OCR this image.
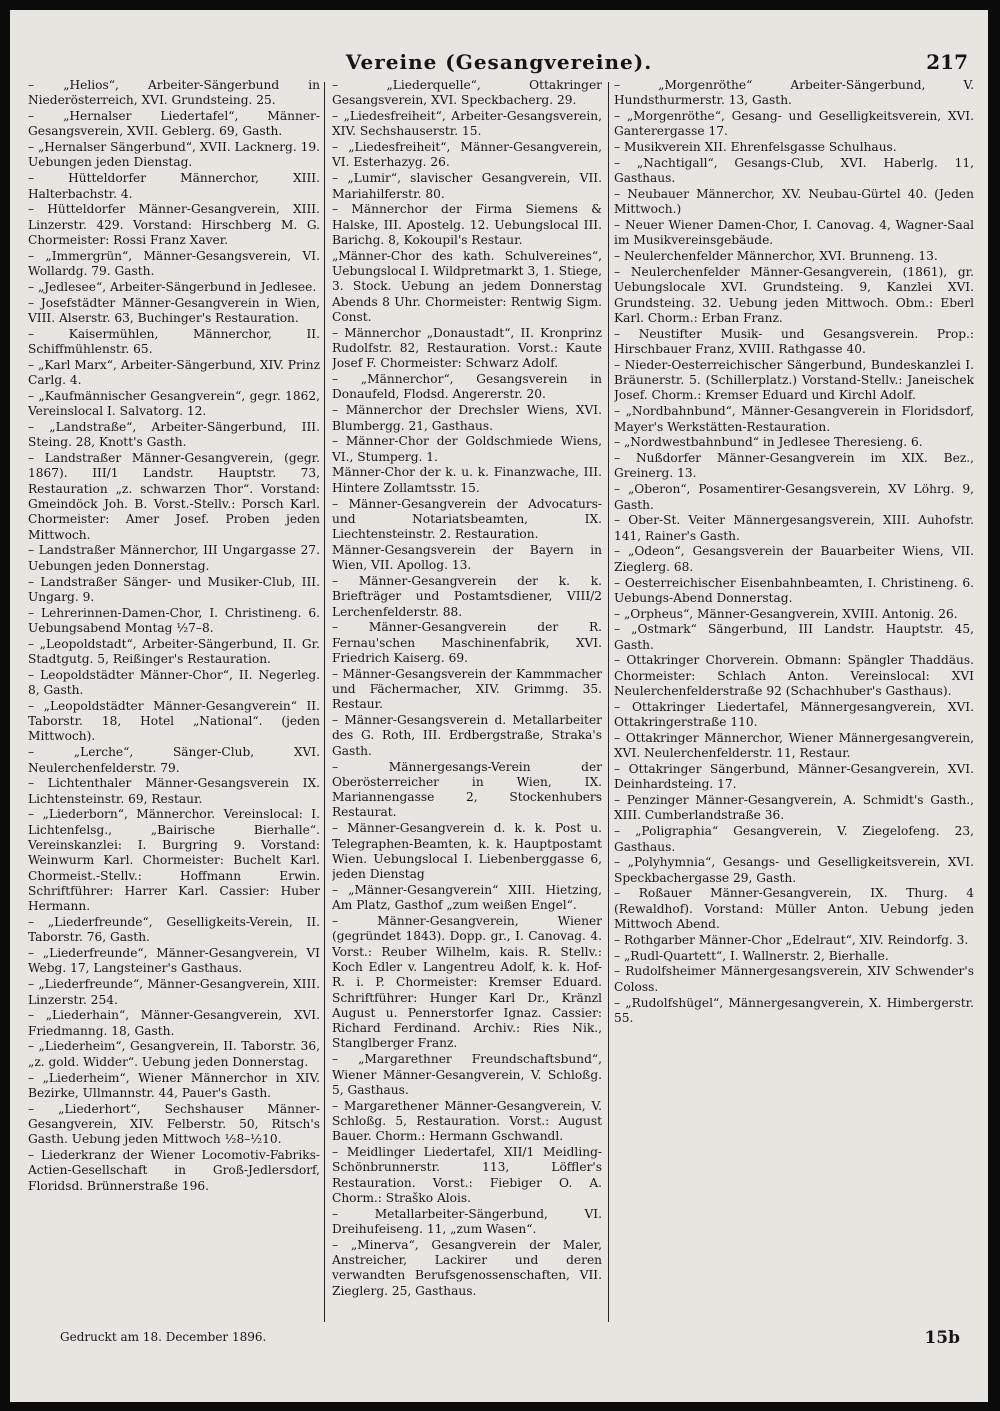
Vereine (Gesangvereine).	217

– „Helios“, Arbeiter-Sängerbund in Niederösterreich, XVI. Grundsteing. 25.

– „Hernalser Liedertafel“, Männer-Gesangsverein, XVII. Geblerg. 69, Gasth.

– „Hernalser Sängerbund“, XVII. Lacknerg. 19. Uebungen jeden Dienstag.

– Hütteldorfer Männerchor, XIII. Halterbachstr. 4.

– Hütteldorfer Männer-Gesangverein, XIII. Linzerstr. 429. Vorstand: Hirschberg M. G. Chormeister: Rossi Franz Xaver.

– „Immergrün“, Männer-Gesangsverein, VI. Wollardg. 79. Gasth.

– „Jedlesee“, Arbeiter-Sängerbund in Jedlesee.

– Josefstädter Männer-Gesangverein in Wien, VIII. Alserstr. 63, Buchinger's Restauration.

– Kaisermühlen, Männerchor, II. Schiffmühlenstr. 65.

– „Karl Marx“, Arbeiter-Sängerbund, XIV. Prinz Carlg. 4.

– „Kaufmännischer Gesangverein“, gegr. 1862, Vereinslocal I. Salvatorg. 12.

– „Landstraße“, Arbeiter-Sängerbund, III. Steing. 28, Knott's Gasth.

– Landstraßer Männer-Gesangverein, (gegr. 1867). III/1 Landstr. Hauptstr. 73, Restauration „z. schwarzen Thor“. Vorstand: Gmeindöck Joh. B. Vorst.-Stellv.: Porsch Karl. Chormeister: Amer Josef. Proben jeden Mittwoch.

– Landstraßer Männerchor, III Ungargasse 27. Uebungen jeden Donnerstag.

– Landstraßer Sänger- und Musiker-Club, III. Ungarg. 9.

– Lehrerinnen-Damen-Chor, I. Christineng. 6. Uebungsabend Montag ½7–8.

– „Leopoldstadt“, Arbeiter-Sängerbund, II. Gr. Stadtgutg. 5, Reißinger's Restauration.

– Leopoldstädter Männer-Chor“, II. Negerleg. 8, Gasth.

– „Leopoldstädter Männer-Gesangverein“ II. Taborstr. 18, Hotel „National“. (jeden Mittwoch).

– „Lerche“, Sänger-Club, XVI. Neulerchenfelderstr. 79.

– Lichtenthaler Männer-Gesangsverein IX. Lichtensteinstr. 69, Restaur.

– „Liederborn“, Männerchor. Vereinslocal: I. Lichtenfelsg., „Bairische Bierhalle“. Vereinskanzlei: I. Burgring 9. Vorstand: Weinwurm Karl. Chormeister: Buchelt Karl. Chormeist.-Stellv.: Hoffmann Erwin. Schriftführer: Harrer Karl. Cassier: Huber Hermann.

– „Liederfreunde“, Geselligkeits-Verein, II. Taborstr. 76, Gasth.

– „Liederfreunde“, Männer-Gesangverein, VI Webg. 17, Langsteiner's Gasthaus.

– „Liederfreunde“, Männer-Gesangverein, XIII. Linzerstr. 254.

– „Liederhain“, Männer-Gesangverein, XVI. Friedmanng. 18, Gasth.

– „Liederheim“, Gesangverein, II. Taborstr. 36, „z. gold. Widder“. Uebung jeden Donnerstag.

– „Liederheim“, Wiener Männerchor in XIV. Bezirke, Ullmannstr. 44, Pauer's Gasth.

– „Liederhort“, Sechshauser Männer-Gesangverein, XIV. Felberstr. 50, Ritsch's Gasth. Uebung jeden Mittwoch ½8–½10.

– Liederkranz der Wiener Locomotiv-Fabriks-Actien-Gesellschaft in Groß-Jedlersdorf, Floridsd. Brünnerstraße 196.

– „Liederquelle“, Ottakringer Gesangsverein, XVI. Speckbacherg. 29.

– „Liedesfreiheit“, Arbeiter-Gesangsverein, XIV. Sechshauserstr. 15.

– „Liedesfreiheit“, Männer-Gesangverein, VI. Esterhazyg. 26.

– „Lumir“, slavischer Gesangverein, VII. Mariahilferstr. 80.

– Männerchor der Firma Siemens & Halske, III. Apostelg. 12. Uebungslocal III. Barichg. 8, Kokoupil's Restaur.

„Männer-Chor des kath. Schulvereines“, Uebungslocal I. Wildpretmarkt 3, 1. Stiege, 3. Stock. Uebung an jedem Donnerstag Abends 8 Uhr. Chormeister: Rentwig Sigm. Const.

– Männerchor „Donaustadt“, II. Kronprinz Rudolfstr. 82, Restauration. Vorst.: Kaute Josef F. Chormeister: Schwarz Adolf.

– „Männerchor“, Gesangsverein in Donaufeld, Flodsd. Angererstr. 20.

– Männerchor der Drechsler Wiens, XVI. Blumbergg. 21, Gasthaus.

– Männer-Chor der Goldschmiede Wiens, VI., Stumperg. 1.

Männer-Chor der k. u. k. Finanzwache, III. Hintere Zollamtsstr. 15.

– Männer-Gesangverein der Advocaturs- und Notariatsbeamten, IX. Liechtensteinstr. 2. Restauration.

Männer-Gesangsverein der Bayern in Wien, VII. Apollog. 13.

– Männer-Gesangverein der k. k. Briefträger und Postamtsdiener, VIII/2 Lerchenfelderstr. 88.

– Männer-Gesangverein der R. Fernau'schen Maschinenfabrik, XVI. Friedrich Kaiserg. 69.

– Männer-Gesangsverein der Kammmacher und Fächermacher, XIV. Grimmg. 35. Restaur.

– Männer-Gesangsverein d. Metallarbeiter des G. Roth, III. Erdbergstraße, Straka's Gasth.

– Männergesangs-Verein der Oberösterreicher in Wien, IX. Mariannengasse 2, Stockenhubers Restaurat.

– Männer-Gesangverein d. k. k. Post u. Telegraphen-Beamten, k. k. Hauptpostamt Wien. Uebungslocal I. Liebenberggasse 6, jeden Dienstag

– „Männer-Gesangverein“ XIII. Hietzing, Am Platz, Gasthof „zum weißen Engel“.

– Männer-Gesangverein, Wiener (gegründet 1843). Dopp. gr., I. Canovag. 4. Vorst.: Reuber Wilhelm, kais. R. Stellv.: Koch Edler v. Langentreu Adolf, k. k. Hof-R. i. P. Chormeister: Kremser Eduard. Schriftführer: Hunger Karl Dr., Kränzl August u. Pennerstorfer Ignaz. Cassier: Richard Ferdinand. Archiv.: Ries Nik., Stanglberger Franz.

– „Margarethner Freundschaftsbund“, Wiener Männer-Gesangverein, V. Schloßg. 5, Gasthaus.

– Margarethener Männer-Gesangverein, V. Schloßg. 5, Restauration. Vorst.: August Bauer. Chorm.: Hermann Gschwandl.

– Meidlinger Liedertafel, XII/1 Meidling-Schönbrunnerstr. 113, Löffler's Restauration. Vorst.: Fiebiger O. A. Chorm.: Straško Alois.

– Metallarbeiter-Sängerbund, VI. Dreihufeiseng. 11, „zum Wasen“.

– „Minerva“, Gesangverein der Maler, Anstreicher, Lackirer und deren verwandten Berufsgenossenschaften, VII. Zieglerg. 25, Gasthaus.

– „Morgenröthe“ Arbeiter-Sängerbund, V. Hundsthurmerstr. 13, Gasth.

– „Morgenröthe“, Gesang- und Geselligkeitsverein, XVI. Ganterergasse 17.

– Musikverein XII. Ehrenfelsgasse Schulhaus.

– „Nachtigall“, Gesangs-Club, XVI. Haberlg. 11, Gasthaus.

– Neubauer Männerchor, XV. Neubau-Gürtel 40. (Jeden Mittwoch.)

– Neuer Wiener Damen-Chor, I. Canovag. 4, Wagner-Saal im Musikvereinsgebäude.

– Neulerchenfelder Männerchor, XVI. Brunneng. 13.

– Neulerchenfelder Männer-Gesangverein, (1861), gr. Uebungslocale XVI. Grundsteing. 9, Kanzlei XVI. Grundsteing. 32. Uebung jeden Mittwoch. Obm.: Eberl Karl. Chorm.: Erban Franz.

– Neustifter Musik- und Gesangsverein. Prop.: Hirschbauer Franz, XVIII. Rathgasse 40.

– Nieder-Oesterreichischer Sängerbund, Bundeskanzlei I. Bräunerstr. 5. (Schillerplatz.) Vorstand-Stellv.: Janeischek Josef. Chorm.: Kremser Eduard und Kirchl Adolf.

– „Nordbahnbund“, Männer-Gesangverein in Floridsdorf, Mayer's Werkstätten-Restauration.

– „Nordwestbahnbund“ in Jedlesee Theresieng. 6.

– Nußdorfer Männer-Gesangverein im XIX. Bez., Greinerg. 13.

– „Oberon“, Posamentirer-Gesangsverein, XV Löhrg. 9, Gasth.

– Ober-St. Veiter Männergesangsverein, XIII. Auhofstr. 141, Rainer's Gasth.

– „Odeon“, Gesangsverein der Bauarbeiter Wiens, VII. Zieglerg. 68.

– Oesterreichischer Eisenbahnbeamten, I. Christineng. 6. Uebungs-Abend Donnerstag.

– „Orpheus“, Männer-Gesangverein, XVIII. Antonig. 26.

– „Ostmark“ Sängerbund, III Landstr. Hauptstr. 45, Gasth.

– Ottakringer Chorverein. Obmann: Spängler Thaddäus. Chormeister: Schlach Anton. Vereinslocal: XVI Neulerchenfelderstraße 92 (Schachhuber's Gasthaus).

– Ottakringer Liedertafel, Männergesangverein, XVI. Ottakringerstraße 110.

– Ottakringer Männerchor, Wiener Männergesangverein, XVI. Neulerchenfelderstr. 11, Restaur.

– Ottakringer Sängerbund, Männer-Gesangverein, XVI. Deinhardsteing. 17.

– Penzinger Männer-Gesangverein, A. Schmidt's Gasth., XIII. Cumberlandstraße 36.

– „Poligraphia“ Gesangverein, V. Ziegelofeng. 23, Gasthaus.

– „Polyhymnia“, Gesangs- und Geselligkeitsverein, XVI. Speckbachergasse 29, Gasth.

– Roßauer Männer-Gesangverein, IX. Thurg. 4 (Rewaldhof). Vorstand: Müller Anton. Uebung jeden Mittwoch Abend.

– Rothgarber Männer-Chor „Edelraut“, XIV. Reindorfg. 3.

– „Rudl-Quartett“, I. Wallnerstr. 2, Bierhalle.

– Rudolfsheimer Männergesangsverein, XIV Schwender's Coloss.

– „Rudolfshügel“, Männergesangverein, X. Himbergerstr. 55.

Gedruckt am 18. December 1896.	15b
